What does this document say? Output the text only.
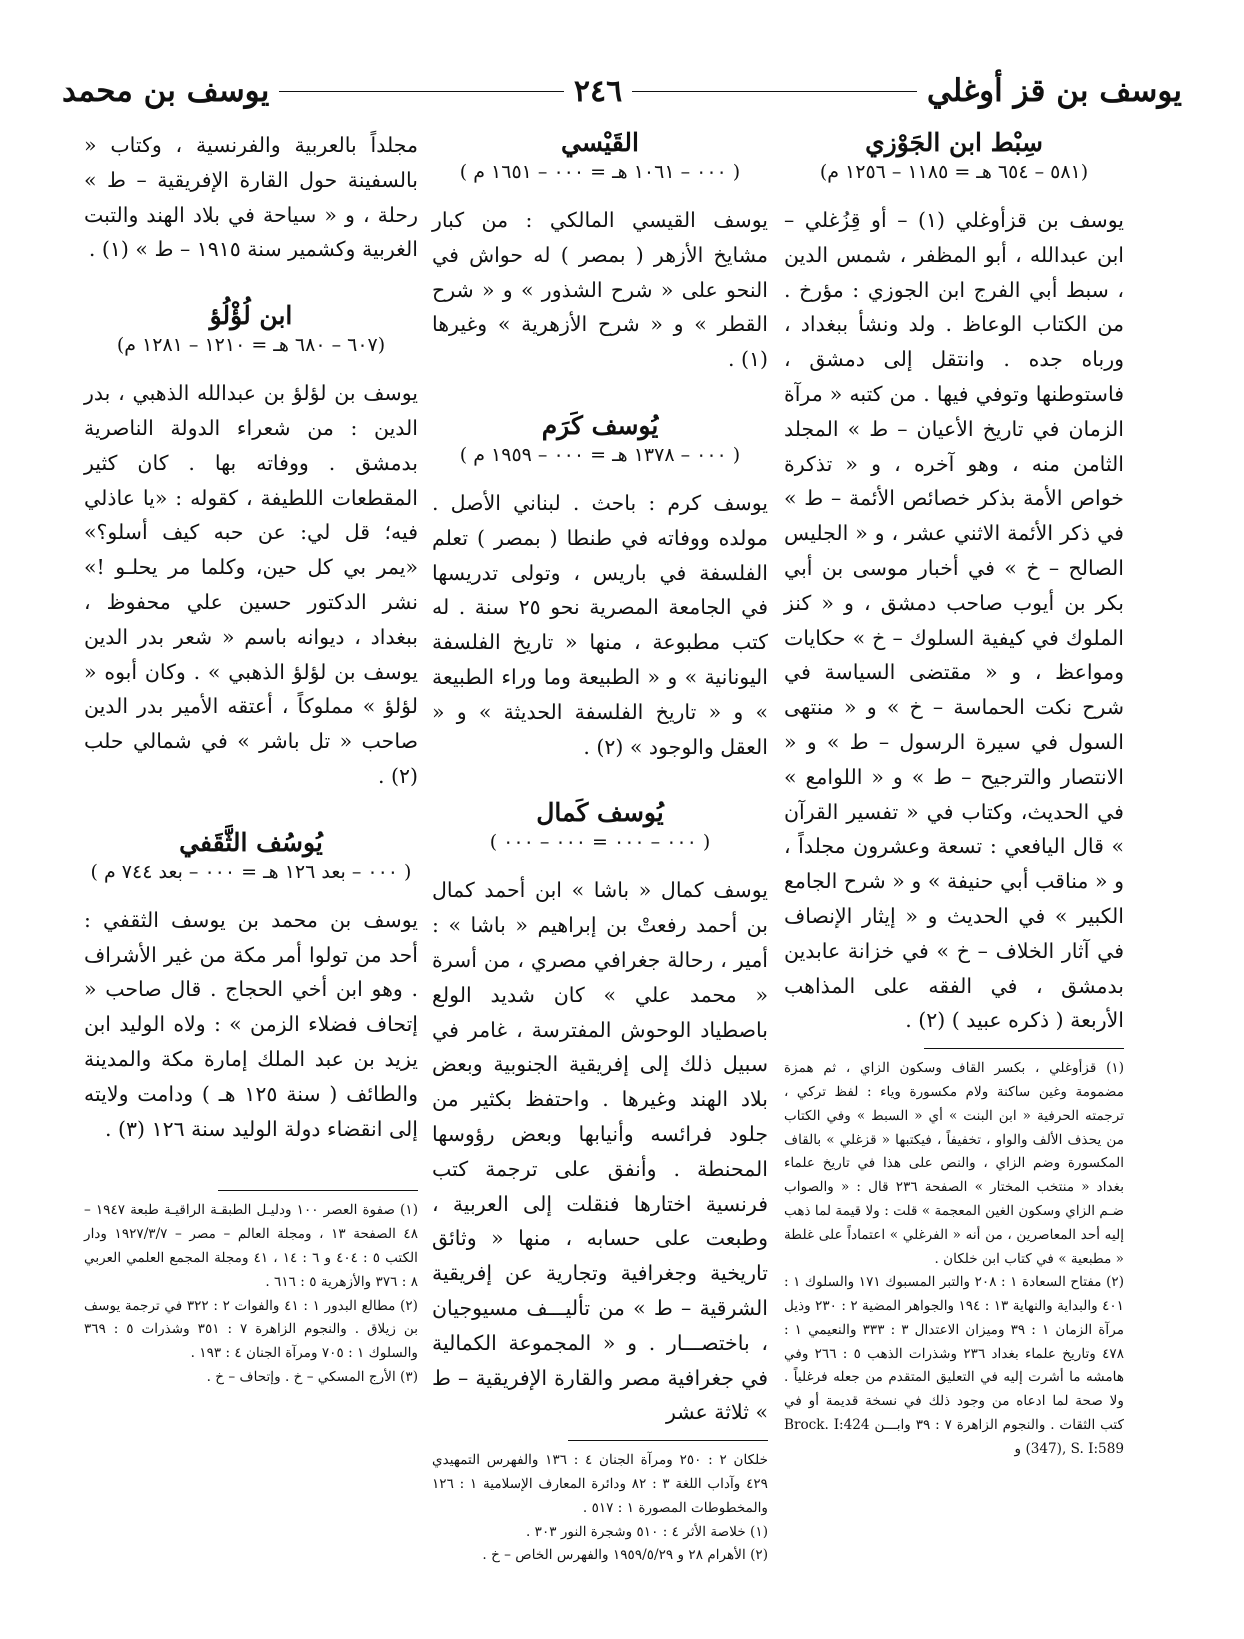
يوسف بن قز أوغلي
٢٤٦
يوسف بن محمد
سِبْط ابن الجَوْزي
(٥٨١ – ٦٥٤ هـ = ١١٨٥ – ١٢٥٦ م)

يوسف بن قزأوغلي (١) – أو قِزُغلي – ابن عبدالله ، أبو المظفر ، شمس الدين ، سبط أبي الفرج ابن الجوزي : مؤرخ . من الكتاب الوعاظ . ولد ونشأ ببغداد ، ورباه جده . وانتقل إلى دمشق ، فاستوطنها وتوفي فيها . من كتبه « مرآة الزمان في تاريخ الأعيان – ط » المجلد الثامن منه ، وهو آخره ، و « تذكرة خواص الأمة بذكر خصائص الأئمة – ط » في ذكر الأئمة الاثني عشر ، و « الجليس الصالح – خ » في أخبار موسى بن أبي بكر بن أيوب صاحب دمشق ، و « كنز الملوك في كيفية السلوك – خ » حكايات ومواعظ ، و « مقتضى السياسة في شرح نكت الحماسة – خ » و « منتهى السول في سيرة الرسول – ط » و « الانتصار والترجيح – ط » و « اللوامع » في الحديث، وكتاب في « تفسير القرآن » قال اليافعي : تسعة وعشرون مجلداً ، و « مناقب أبي حنيفة » و « شرح الجامع الكبير » في الحديث و « إيثار الإنصاف في آثار الخلاف – خ » في خزانة عابدين بدمشق ، في الفقه على المذاهب الأربعة ( ذكره عبيد ) (٢) .

(١) قزأوغلي ، بكسر القاف وسكون الزاي ، ثم همزة مضمومة وغين ساكنة ولام مكسورة وياء : لفظ تركي ، ترجمته الحرفية « ابن البنت » أي « السبط » وفي الكتاب من يحذف الألف والواو ، تخفيفاً ، فيكتبها « قزغلي » بالقاف المكسورة وضم الزاي ، والنص على هذا في تاريخ علماء بغداد « منتخب المختار » الصفحة ٢٣٦ قال : « والصواب ضـم الزاي وسكون الغين المعجمة » قلت : ولا قيمة لما ذهب إليه أحد المعاصرين ، من أنه « الفرغلي » اعتماداً على غلطة « مطبعية » في كتاب ابن خلكان .

(٢) مفتاح السعادة ١ : ٢٠٨ والتبر المسبوك ١٧١ والسلوك ١ : ٤٠١ والبداية والنهاية ١٣ : ١٩٤ والجواهر المضية ٢ : ٢٣٠ وذيل مرآة الزمان ١ : ٣٩ وميزان الاعتدال ٣ : ٣٣٣ والنعيمي ١ : ٤٧٨ وتاريخ علماء بغداد ٢٣٦ وشذرات الذهب ٥ : ٢٦٦ وفي هامشه ما أشرت إليه في التعليق المتقدم من جعله فرغلياً . ولا صحة لما ادعاه من وجود ذلك في نسخة قديمة أو في كتب الثقات . والنجوم الزاهرة ٧ : ٣٩ وابـــن Brock. I:424 (347), S. I:589 و

القَيْسي
( ٠٠٠ – ١٠٦١ هـ = ٠٠٠ – ١٦٥١ م )

يوسف القيسي المالكي : من كبار مشايخ الأزهر ( بمصر ) له حواش في النحو على « شرح الشذور » و « شرح القطر » و « شرح الأزهرية » وغيرها (١) .

يُوسف كَرَم
( ٠٠٠ – ١٣٧٨ هـ = ٠٠٠ – ١٩٥٩ م )

يوسف كرم : باحث . لبناني الأصل . مولده ووفاته في طنطا ( بمصر ) تعلم الفلسفة في باريس ، وتولى تدريسها في الجامعة المصرية نحو ٢٥ سنة . له كتب مطبوعة ، منها « تاريخ الفلسفة اليونانية » و « الطبيعة وما وراء الطبيعة » و « تاريخ الفلسفة الحديثة » و « العقل والوجود » (٢) .

يُوسف كَمال
( ٠٠٠ – ٠٠٠ = ٠٠٠ – ٠٠٠ )

يوسف كمال « باشا » ابن أحمد كمال بن أحمد رفعتْ بن إبراهيم « باشا » : أمير ، رحالة جغرافي مصري ، من أسرة « محمد علي » كان شديد الولع باصطياد الوحوش المفترسة ، غامر في سبيل ذلك إلى إفريقية الجنوبية وبعض بلاد الهند وغيرها . واحتفظ بكثير من جلود فرائسه وأنيابها وبعض رؤوسها المحنطة . وأنفق على ترجمة كتب فرنسية اختارها فنقلت إلى العربية ، وطبعت على حسابه ، منها « وثائق تاريخية وجغرافية وتجارية عن إفريقية الشرقية – ط » من تأليـــف مسيوجيان ، باختصـــار . و « المجموعة الكمالية في جغرافية مصر والقارة الإفريقية – ط » ثلاثة عشر

خلكان ٢ : ٢٥٠ ومرآة الجنان ٤ : ١٣٦ والفهرس التمهيدي ٤٢٩ وآداب اللغة ٣ : ٨٢ ودائرة المعارف الإسلامية ١ : ١٢٦ والمخطوطات المصورة ١ : ٥١٧ .

(١) خلاصة الأثر ٤ : ٥١٠ وشجرة النور ٣٠٣ .

(٢) الأهرام ٢٨ و ١٩٥٩/٥/٢٩ والفهرس الخاص – خ .

مجلداً بالعربية والفرنسية ، وكتاب « بالسفينة حول القارة الإفريقية – ط » رحلة ، و « سياحة في بلاد الهند والتبت الغربية وكشمير سنة ١٩١٥ – ط » (١) .

ابن لُؤْلُؤ
(٦٠٧ – ٦٨٠ هـ = ١٢١٠ – ١٢٨١ م)

يوسف بن لؤلؤ بن عبدالله الذهبي ، بدر الدين : من شعراء الدولة الناصرية بدمشق . ووفاته بها . كان كثير المقطعات اللطيفة ، كقوله : «يا عاذلي فيه؛ قل لي: عن حبه كيف أسلو؟» «يمر بي كل حين، وكلما مر يحلـو !» نشر الدكتور حسين علي محفوظ ، ببغداد ، ديوانه باسم « شعر بدر الدين يوسف بن لؤلؤ الذهبي » . وكان أبوه « لؤلؤ » مملوكاً ، أعتقه الأمير بدر الدين صاحب « تل باشر » في شمالي حلب (٢) .

يُوسُف الثَّقَفي
( ٠٠٠ – بعد ١٢٦ هـ = ٠٠٠ – بعد ٧٤٤ م )

يوسف بن محمد بن يوسف الثقفي : أحد من تولوا أمر مكة من غير الأشراف . وهو ابن أخي الحجاج . قال صاحب « إتحاف فضلاء الزمن » : ولاه الوليد ابن يزيد بن عبد الملك إمارة مكة والمدينة والطائف ( سنة ١٢٥ هـ ) ودامت ولايته إلى انقضاء دولة الوليد سنة ١٢٦ (٣) .

(١) صفوة العصر ١٠٠ ودليـل الطبقـة الراقيـة طبعة ١٩٤٧ – ٤٨ الصفحة ١٣ ، ومجلة العالم – مصر – ١٩٢٧/٣/٧ ودار الكتب ٥ : ٤٠٤ و ٦ : ١٤ ، ٤١ ومجلة المجمع العلمي العربي ٨ : ٣٧٦ والأزهرية ٥ : ٦١٦ .

(٢) مطالع البدور ١ : ٤١ والفوات ٢ : ٣٢٢ في ترجمة يوسف بن زيلاق . والنجوم الزاهرة ٧ : ٣٥١ وشذرات ٥ : ٣٦٩ والسلوك ١ : ٧٠٥ ومرآة الجنان ٤ : ١٩٣ .

(٣) الأرج المسكي – خ . وإتحاف – خ .
